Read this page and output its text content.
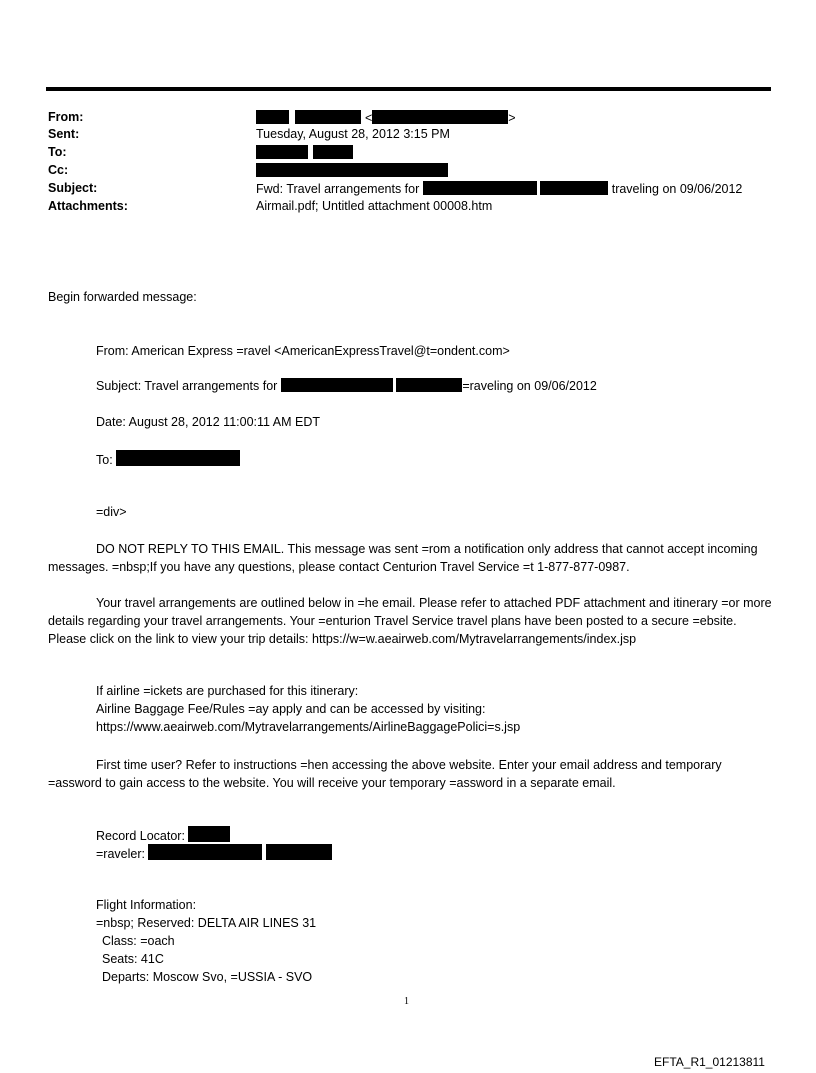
From:	<	>
Sent:	Tuesday, August 28, 2012 3:15 PM
To:

Cc:
Subject:	Fwd: Travel arrangements for	traveling on 09/06/2012
Attachments:	Airmail.pdf; Untitled attachment 00008.htm
Begin forwarded message:
From: American Express =ravel <AmericanExpressTravel@t=ondent.com>
Subject: Travel arrangements for	=raveling on 09/06/2012
Date: August 28, 2012 11:00:11 AM EDT
To:
=div>
DO NOT REPLY TO THIS EMAIL. This message was sent =rom a notification only address that cannot accept incoming messages. =nbsp;If you have any questions, please contact Centurion Travel Service =t 1-877-877-0987.
Your travel arrangements are outlined below in =he email. Please refer to attached PDF attachment and itinerary =or more details regarding your travel arrangements. Your =enturion Travel Service travel plans have been posted to a secure =ebsite. Please click on the link to view your trip details: https://w=w.aeairweb.com/Mytravelarrangements/index.jsp
If airline =ickets are purchased for this itinerary:
Airline Baggage Fee/Rules =ay apply and can be accessed by visiting:
https://www.aeairweb.com/Mytravelarrangements/AirlineBaggagePolici=s.jsp
First time user? Refer to instructions =hen accessing the above website. Enter your email address and temporary =assword to gain access to the website. You will receive your temporary =assword in a separate email.
Record Locator:
=raveler:
Flight Information:
=nbsp; Reserved: DELTA AIR LINES 31
Class: =oach
Seats: 41C
Departs: Moscow Svo, =USSIA - SVO
1
EFTA_R1_01213811
